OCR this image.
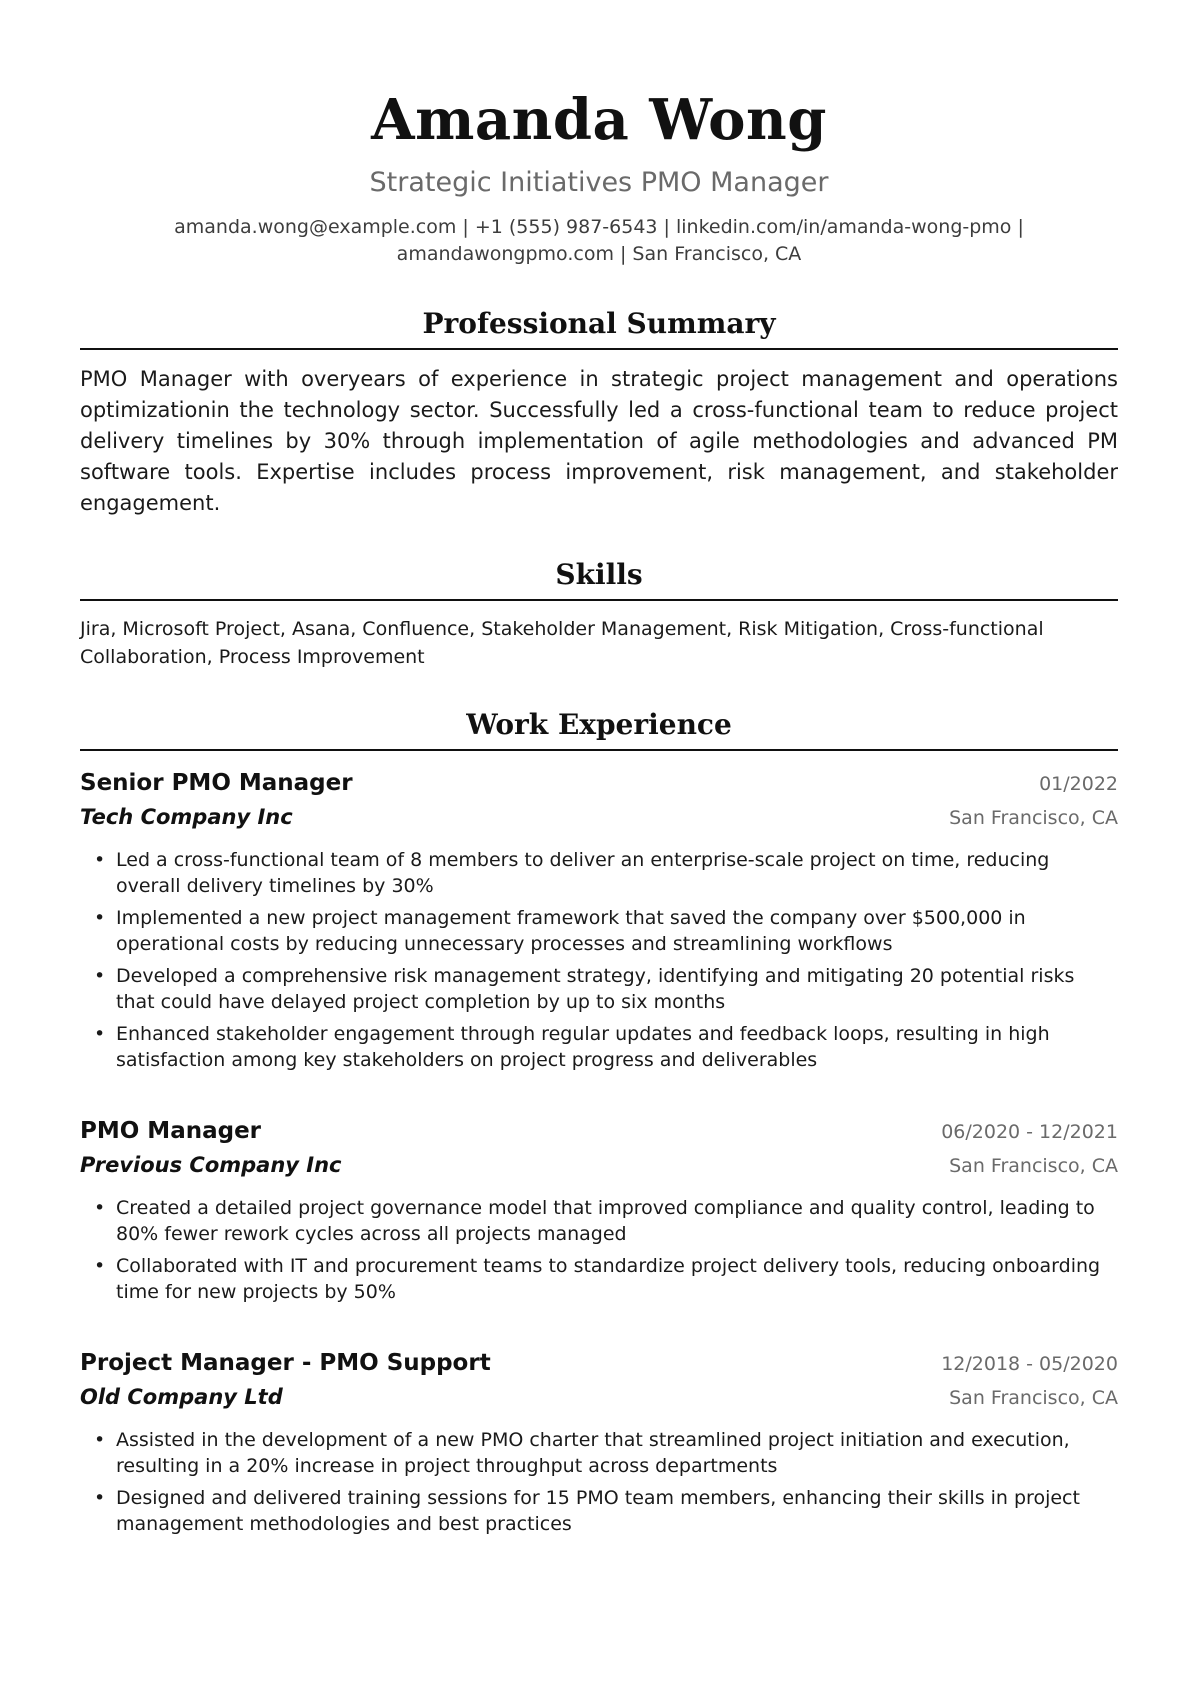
Amanda Wong
Strategic Initiatives PMO Manager
amanda.wong@example.com | +1 (555) 987-6543 | linkedin.com/in/amanda-wong-pmo |
amandawongpmo.com | San Francisco, CA
Professional Summary
PMO Manager with overyears of experience in strategic project management and operations optimizationin the technology sector. Successfully led a cross-functional team to reduce project delivery timelines by 30% through implementation of agile methodologies and advanced PM software tools. Expertise includes process improvement, risk management, and stakeholder engagement.
Skills
Jira, Microsoft Project, Asana, Confluence, Stakeholder Management, Risk Mitigation, Cross-functional Collaboration, Process Improvement
Work Experience
Senior PMO Manager	01/2022
Tech Company Inc	San Francisco, CA
• Led a cross-functional team of 8 members to deliver an enterprise-scale project on time, reducing overall delivery timelines by 30%
• Implemented a new project management framework that saved the company over $500,000 in operational costs by reducing unnecessary processes and streamlining workflows
• Developed a comprehensive risk management strategy, identifying and mitigating 20 potential risks that could have delayed project completion by up to six months
• Enhanced stakeholder engagement through regular updates and feedback loops, resulting in high satisfaction among key stakeholders on project progress and deliverables
PMO Manager	06/2020 - 12/2021
Previous Company Inc	San Francisco, CA
• Created a detailed project governance model that improved compliance and quality control, leading to 80% fewer rework cycles across all projects managed
• Collaborated with IT and procurement teams to standardize project delivery tools, reducing onboarding time for new projects by 50%
Project Manager - PMO Support	12/2018 - 05/2020
Old Company Ltd	San Francisco, CA
• Assisted in the development of a new PMO charter that streamlined project initiation and execution, resulting in a 20% increase in project throughput across departments
• Designed and delivered training sessions for 15 PMO team members, enhancing their skills in project management methodologies and best practices
